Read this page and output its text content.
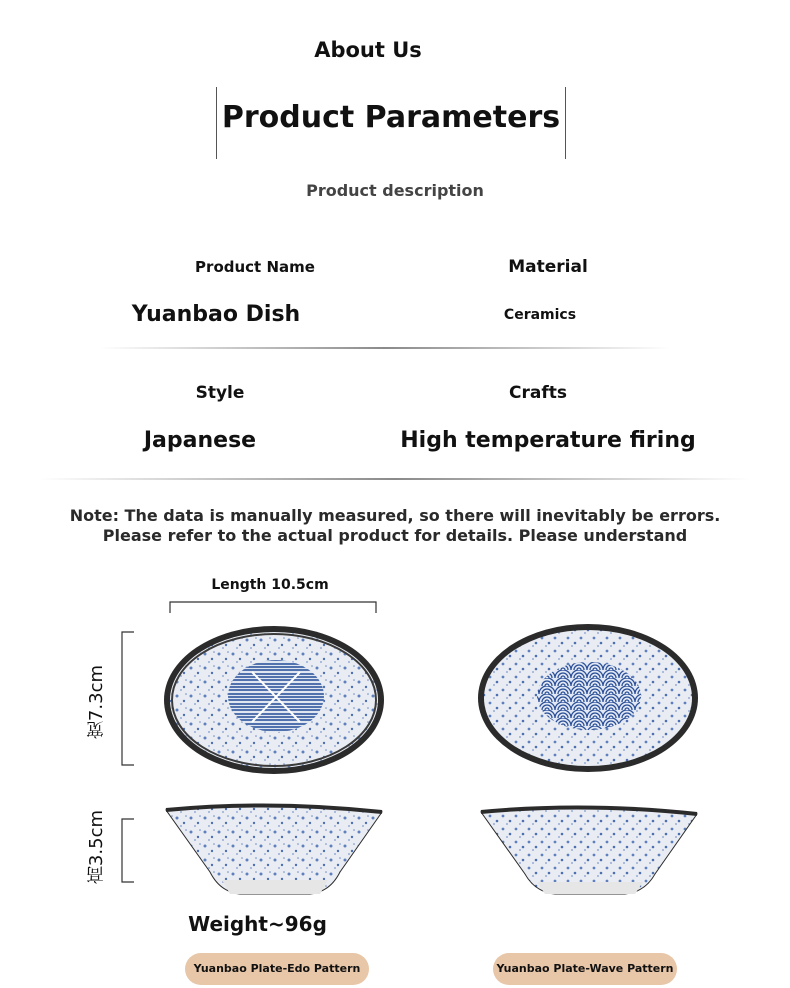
About Us
Product Parameters
Product description
Product Name	Material
Yuanbao Dish	Ceramics
Style	Crafts
Japanese	High temperature firing
Note: The data is manually measured, so there will inevitably be errors. Please refer to the actual product for details. Please understand
Length 10.5cm
宽7.3cm
高3.5cm
Weight~96g
Yuanbao Plate-Edo Pattern	Yuanbao Plate-Wave Pattern
